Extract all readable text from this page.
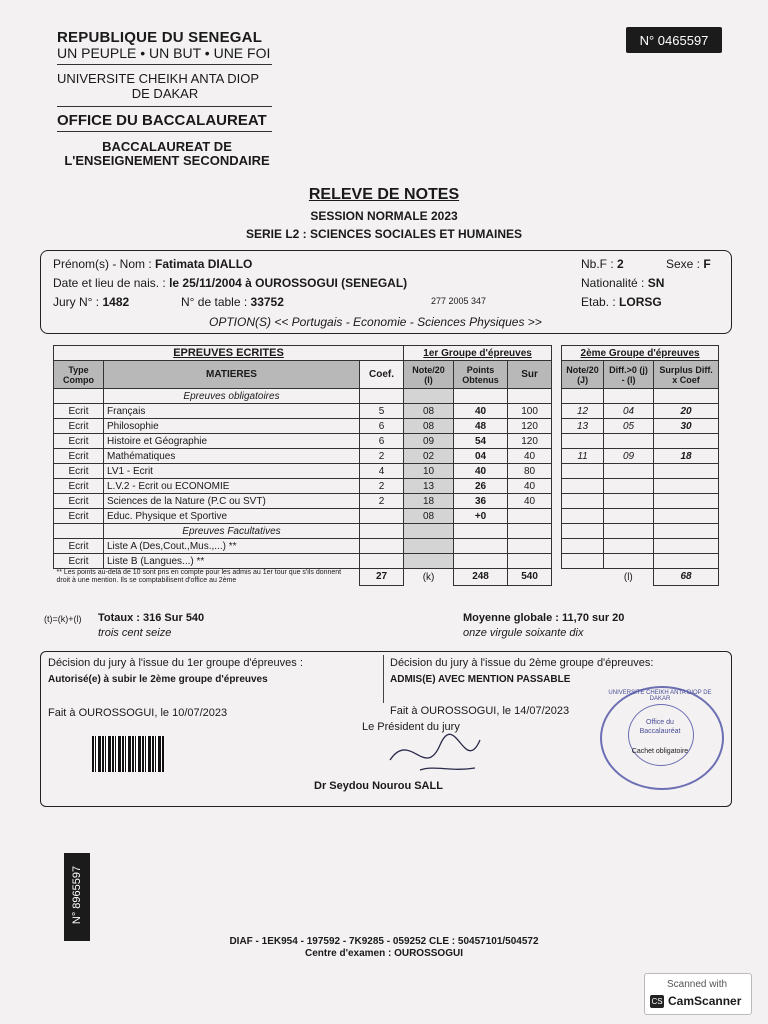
REPUBLIQUE DU SENEGAL
UN PEUPLE • UN BUT • UNE FOI
UNIVERSITE CHEIKH ANTA DIOP
DE DAKAR
OFFICE DU BACCALAUREAT
BACCALAUREAT DE
L'ENSEIGNEMENT SECONDAIRE
N° 0465597
RELEVE DE NOTES
SESSION NORMALE 2023
SERIE L2 : SCIENCES SOCIALES ET HUMAINES
Prénom(s) - Nom : Fatimata DIALLO	Nb.F : 2	Sexe : F
Date et lieu de nais. : le 25/11/2004 à OUROSSOGUI (SENEGAL)	Nationalité : SN
Jury N° : 1482	N° de table : 33752	277 2005 347	Etab. : LORSG
OPTION(S) << Portugais - Economie - Sciences Physiques >>
EPREUVES ECRITES			1er Groupe d'épreuves				2ème Groupe d'épreuves		
Type Compo	MATIERES	Coef.	Note/20 (I)	Points Obtenus	Sur		Note/20 (J)	Diff.>0 (j) - (I)	Surplus Diff. x Coef
	Epreuves obligatoires								
Ecrit	Français	5	08	40	100		12	04	20
Ecrit	Philosophie	6	08	48	120		13	05	30
Ecrit	Histoire et Géographie	6	09	54	120				
Ecrit	Mathématiques	2	02	04	40		11	09	18
Ecrit	LV1 - Ecrit	4	10	40	80				
Ecrit	L.V.2 - Ecrit ou ECONOMIE	2	13	26	40				
Ecrit	Sciences de la Nature (P.C ou SVT)	2	18	36	40				
Ecrit	Educ. Physique et Sportive		08	+0					
	Epreuves Facultatives								
Ecrit	Liste A (Des,Cout.,Mus.,...) **								
Ecrit	Liste B (Langues...) **								
** Les points au-delà de 10 sont pris en compte pour les admis au 1er tour que s'ils donnent droit à une mention. Ils se comptabilisent d'office au 2ème		27	(k)	248	540			(l)	68
(t)=(k)+(l) Totaux : 316 Sur 540
trois cent seize
Moyenne globale : 11,70 sur 20
onze virgule soixante dix
Décision du jury à l'issue du 1er groupe d'épreuves :
Autorisé(e) à subir le 2ème groupe d'épreuves
Décision du jury à l'issue du 2ème groupe d'épreuves:
ADMIS(E) AVEC MENTION PASSABLE
Fait à OUROSSOGUI, le 10/07/2023	Fait à OUROSSOGUI, le 14/07/2023
Le Président du jury
Dr Seydou Nourou SALL
UNIVERSITE CHEIKH ANTA DIOP DE DAKAR
Office du Baccalauréat
Cachet obligatoire
N° 8965597
DIAF - 1EK954 - 197592 - 7K9285 - 059252 CLE : 50457101/504572
Centre d'examen : OUROSSOGUI
Scanned with
CS CamScanner
